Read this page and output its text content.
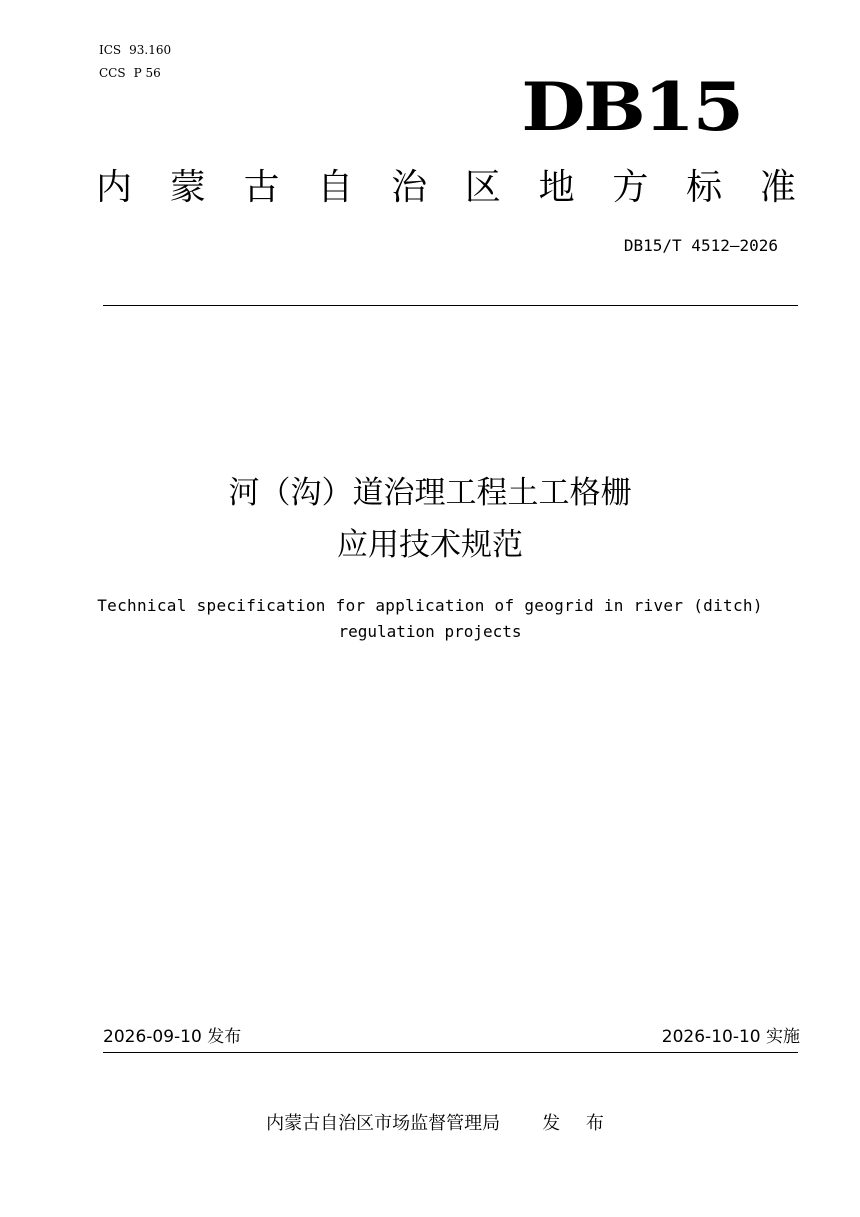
ICS 93.160
CCS P 56	DB15
内 蒙 古 自 治 区 地 方 标 准
DB15/T 4512—2026
河（沟）道治理工程土工格栅
应用技术规范
Technical specification for application of geogrid in river (ditch)
regulation projects
2026-09-10 发布	2026-10-10 实施
内蒙古自治区市场监督管理局 发 布
